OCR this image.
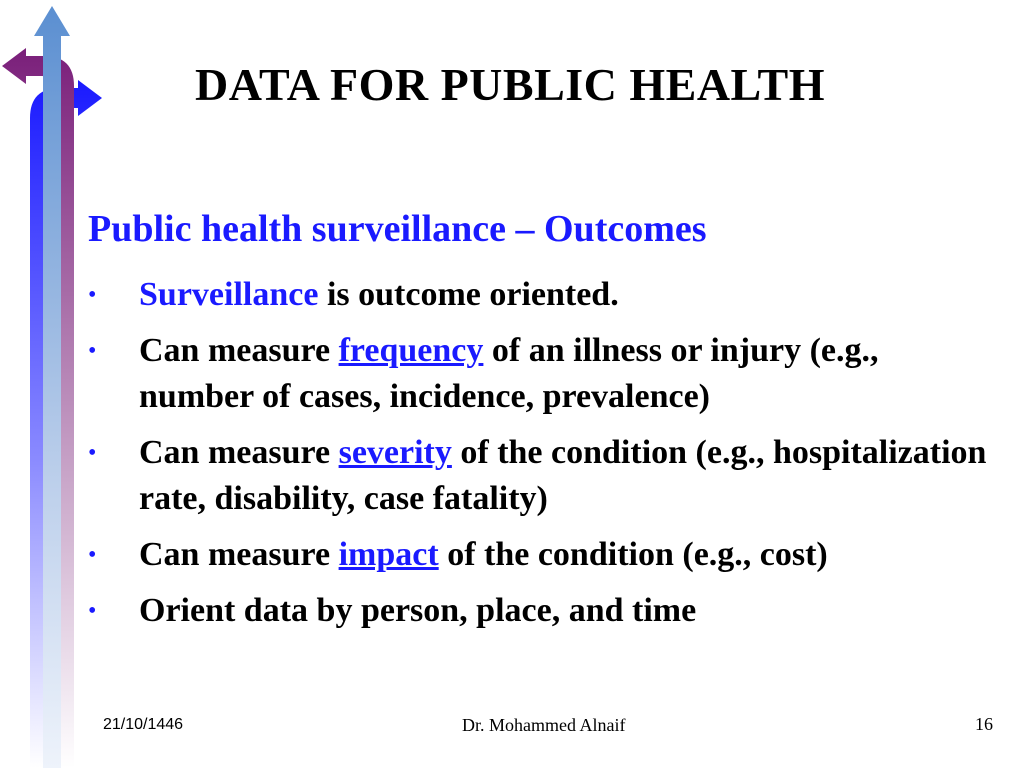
DATA FOR PUBLIC HEALTH
Public health surveillance – Outcomes
• Surveillance is outcome oriented.
• Can measure frequency of an illness or injury (e.g., number of cases, incidence, prevalence)
• Can measure severity of the condition (e.g., hospitalization rate, disability, case fatality)
• Can measure impact of the condition (e.g., cost)
• Orient data by person, place, and time
21/10/1446	Dr. Mohammed Alnaif	16
